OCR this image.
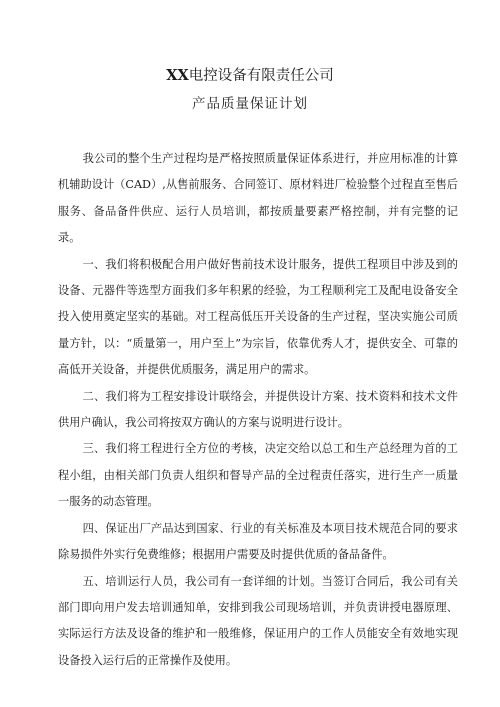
XX电控设备有限责任公司
产品质量保证计划

我公司的整个生产过程均是严格按照质量保证体系进行，并应用标准的计算机辅助设计（CAD）,从售前服务、合同签订、原材料进厂检验整个过程直至售后服务、备品备件供应、运行人员培训，都按质量要素严格控制，并有完整的记录。

一、我们将积极配合用户做好售前技术设计服务，提供工程项目中涉及到的设备、元器件等选型方面我们多年积累的经验，为工程顺利完工及配电设备安全投入使用奠定坚实的基础。对工程高低压开关设备的生产过程，坚决实施公司质量方针，以：“质量第一，用户至上”为宗旨，依靠优秀人才，提供安全、可靠的高低开关设备，并提供优质服务，满足用户的需求。

二、我们将为工程安排设计联络会，并提供设计方案、技术资料和技术文件供用户确认，我公司将按双方确认的方案与说明进行设计。

三、我们将工程进行全方位的考核，决定交给以总工和生产总经理为首的工程小组，由相关部门负责人组织和督导产品的全过程责任落实，进行生产一质量一服务的动态管理。

四、保证出厂产品达到国家、行业的有关标准及本项目技术规范合同的要求除易损件外实行免费维修；根据用户需要及时提供优质的备品备件。

五、培训运行人员，我公司有一套详细的计划。当签订合同后，我公司有关部门即向用户发去培训通知单，安排到我公司现场培训，并负责讲授电器原理、实际运行方法及设备的维护和一般维修，保证用户的工作人员能安全有效地实现设备投入运行后的正常操作及使用。
